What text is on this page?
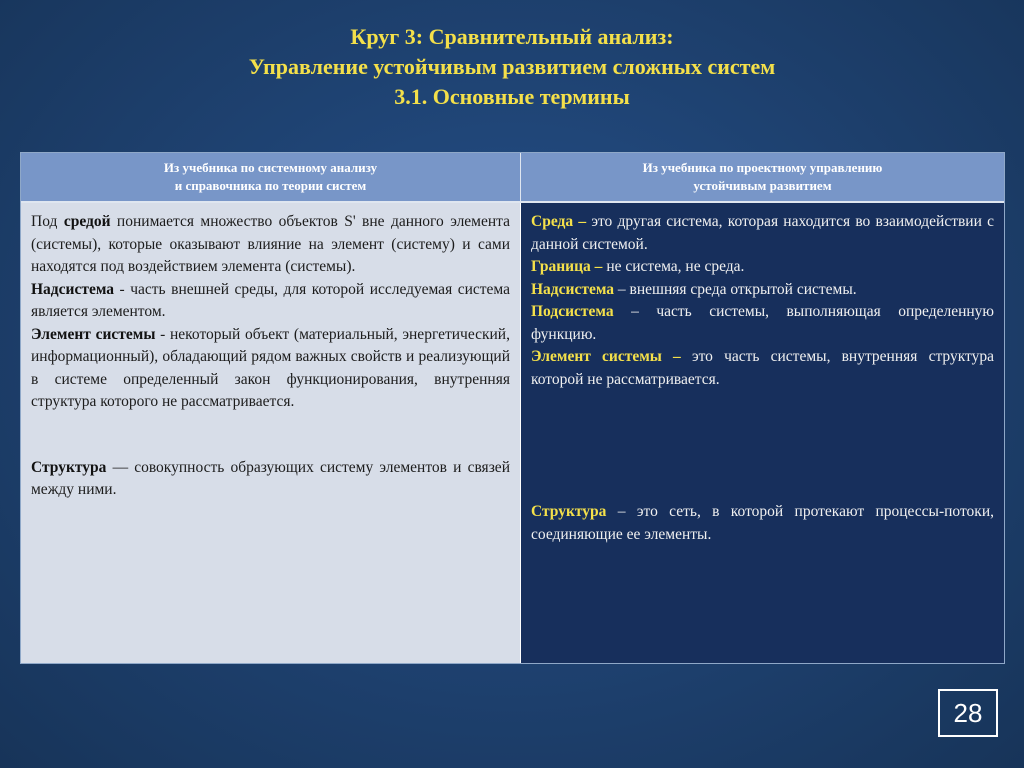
Круг 3: Сравнительный анализ:
Управление устойчивым развитием сложных систем
3.1. Основные термины
Из учебника по системному анализу
и справочника по теории систем
Из учебника по проектному управлению
устойчивым развитием

Под средой понимается множество объектов S' вне данного элемента (системы), которые оказывают влияние на элемент (систему) и сами находятся под воздействием элемента (системы).

Надсистема - часть внешней среды, для которой исследуемая система является элементом.

Элемент системы - некоторый объект (материальный, энергетический, информационный), обладающий рядом важных свойств и реализующий в системе определенный закон функционирования, внутренняя структура которого не рассматривается.

Структура — совокупность образующих систему элементов и связей между ними.

Среда – это другая система, которая находится во взаимодействии с данной системой.

Граница – не система, не среда.

Надсистема – внешняя среда открытой системы.

Подсистема – часть системы, выполняющая определенную функцию.

Элемент системы – это часть системы, внутренняя структура которой не рассматривается.

Структура – это сеть, в которой протекают процессы-потоки, соединяющие ее элементы.

28
